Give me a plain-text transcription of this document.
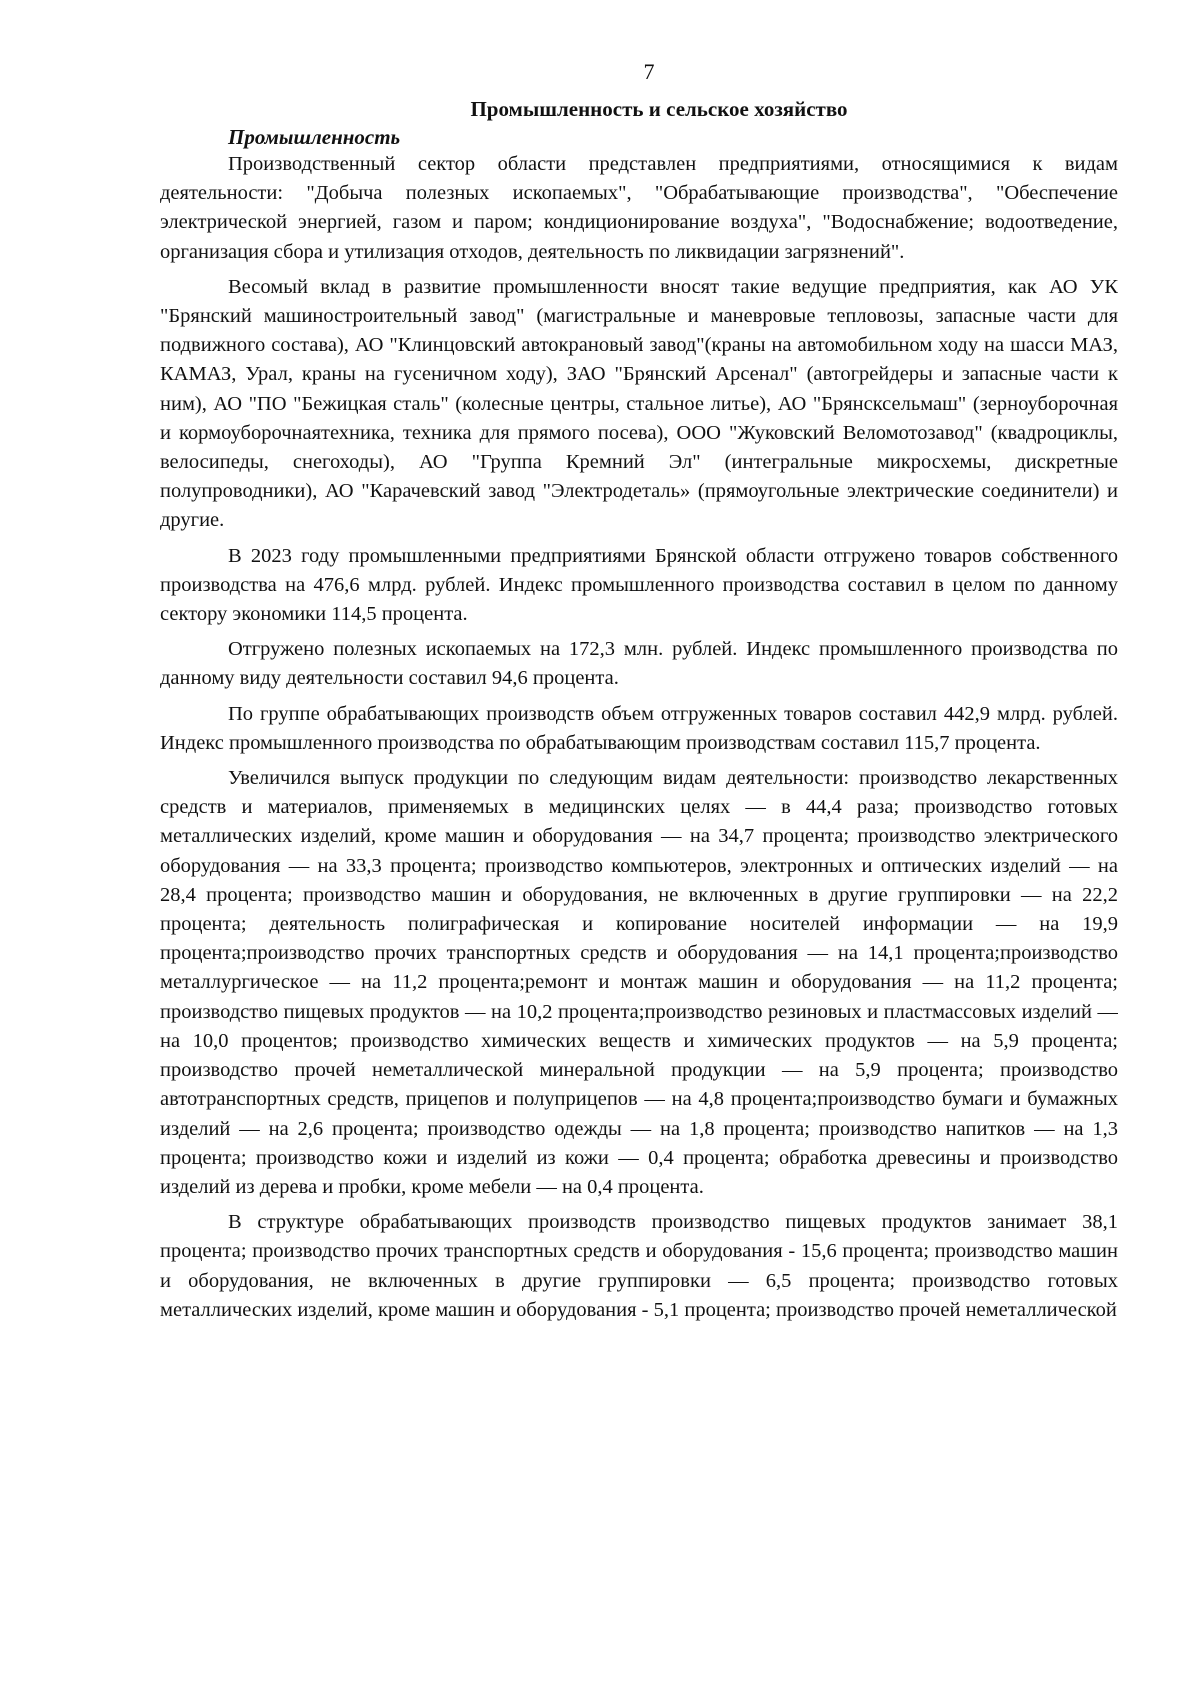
7
Промышленность и сельское хозяйство
Промышленность

Производственный сектор области представлен предприятиями, относящимися к видам деятельности: "Добыча полезных ископаемых", "Обрабатывающие производства", "Обеспечение электрической энергией, газом и паром; кондиционирование воздуха", "Водоснабжение; водоотведение, организация сбора и утилизация отходов, деятельность по ликвидации загрязнений".

Весомый вклад в развитие промышленности вносят такие ведущие предприятия, как АО УК "Брянский машиностроительный завод" (магистральные и маневровые тепловозы, запасные части для подвижного состава), АО "Клинцовский автокрановый завод"(краны на автомобильном ходу на шасси МАЗ, КАМАЗ, Урал, краны на гусеничном ходу), ЗАО "Брянский Арсенал" (автогрейдеры и запасные части к ним), АО "ПО "Бежицкая сталь" (колесные центры, стальное литье), АО "Брянсксельмаш" (зерноуборочная и кормоуборочнаятехника, техника для прямого посева), ООО "Жуковский Веломотозавод" (квадроциклы, велосипеды, снегоходы), АО "Группа Кремний Эл" (интегральные микросхемы, дискретные полупроводники), АО "Карачевский завод "Электродеталь» (прямоугольные электрические соединители) и другие.

В 2023 году промышленными предприятиями Брянской области отгружено товаров собственного производства на 476,6 млрд. рублей. Индекс промышленного производства составил в целом по данному сектору экономики 114,5 процента.

Отгружено полезных ископаемых на 172,3 млн. рублей. Индекс промышленного производства по данному виду деятельности составил 94,6 процента.

По группе обрабатывающих производств объем отгруженных товаров составил 442,9 млрд. рублей. Индекс промышленного производства по обрабатывающим производствам составил 115,7 процента.

Увеличился выпуск продукции по следующим видам деятельности: производство лекарственных средств и материалов, применяемых в медицинских целях — в 44,4 раза; производство готовых металлических изделий, кроме машин и оборудования — на 34,7 процента; производство электрического оборудования — на 33,3 процента; производство компьютеров, электронных и оптических изделий — на 28,4 процента; производство машин и оборудования, не включенных в другие группировки — на 22,2 процента; деятельность полиграфическая и копирование носителей информации — на 19,9 процента;производство прочих транспортных средств и оборудования — на 14,1 процента;производство металлургическое — на 11,2 процента;ремонт и монтаж машин и оборудования — на 11,2 процента; производство пищевых продуктов — на 10,2 процента;производство резиновых и пластмассовых изделий — на 10,0 процентов; производство химических веществ и химических продуктов — на 5,9 процента; производство прочей неметаллической минеральной продукции — на 5,9 процента; производство автотранспортных средств, прицепов и полуприцепов — на 4,8 процента;производство бумаги и бумажных изделий — на 2,6 процента; производство одежды — на 1,8 процента; производство напитков — на 1,3 процента; производство кожи и изделий из кожи — 0,4 процента; обработка древесины и производство изделий из дерева и пробки, кроме мебели — на 0,4 процента.

В структуре обрабатывающих производств производство пищевых продуктов занимает 38,1 процента; производство прочих транспортных средств и оборудования - 15,6 процента; производство машин и оборудования, не включенных в другие группировки — 6,5 процента; производство готовых металлических изделий, кроме машин и оборудования - 5,1 процента; производство прочей неметаллической
